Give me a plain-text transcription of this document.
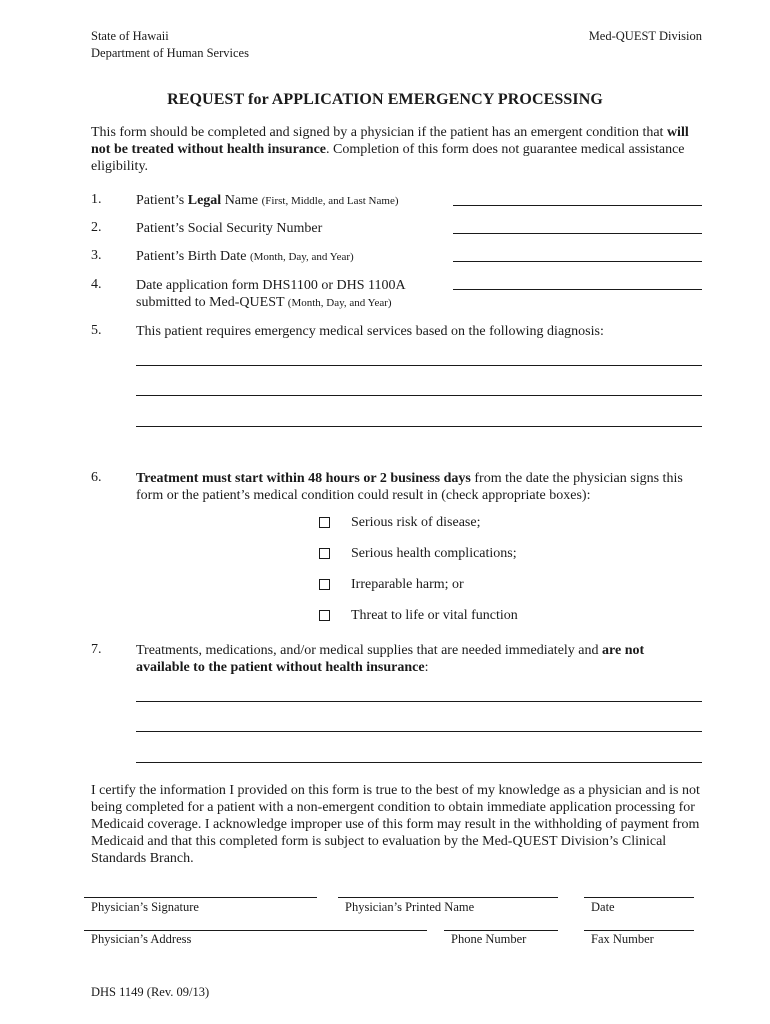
State of Hawaii
Department of Human Services
Med-QUEST Division
REQUEST for APPLICATION EMERGENCY PROCESSING
This form should be completed and signed by a physician if the patient has an emergent condition that will not be treated without health insurance. Completion of this form does not guarantee medical assistance eligibility.
1. Patient’s Legal Name (First, Middle, and Last Name)
2. Patient’s Social Security Number
3. Patient’s Birth Date (Month, Day, and Year)
4. Date application form DHS1100 or DHS 1100A
submitted to Med-QUEST (Month, Day, and Year)
5. This patient requires emergency medical services based on the following diagnosis:
6. Treatment must start within 48 hours or 2 business days from the date the physician signs this form or the patient’s medical condition could result in (check appropriate boxes):
Serious risk of disease;
Serious health complications;
Irreparable harm; or
Threat to life or vital function
7. Treatments, medications, and/or medical supplies that are needed immediately and are not
available to the patient without health insurance:
I certify the information I provided on this form is true to the best of my knowledge as a physician and is not being completed for a patient with a non-emergent condition to obtain immediate application processing for Medicaid coverage. I acknowledge improper use of this form may result in the withholding of payment from Medicaid and that this completed form is subject to evaluation by the Med-QUEST Division’s Clinical Standards Branch.
Physician’s Signature	Physician’s Printed Name	Date
Physician’s Address	Phone Number	Fax Number
DHS 1149 (Rev. 09/13)
